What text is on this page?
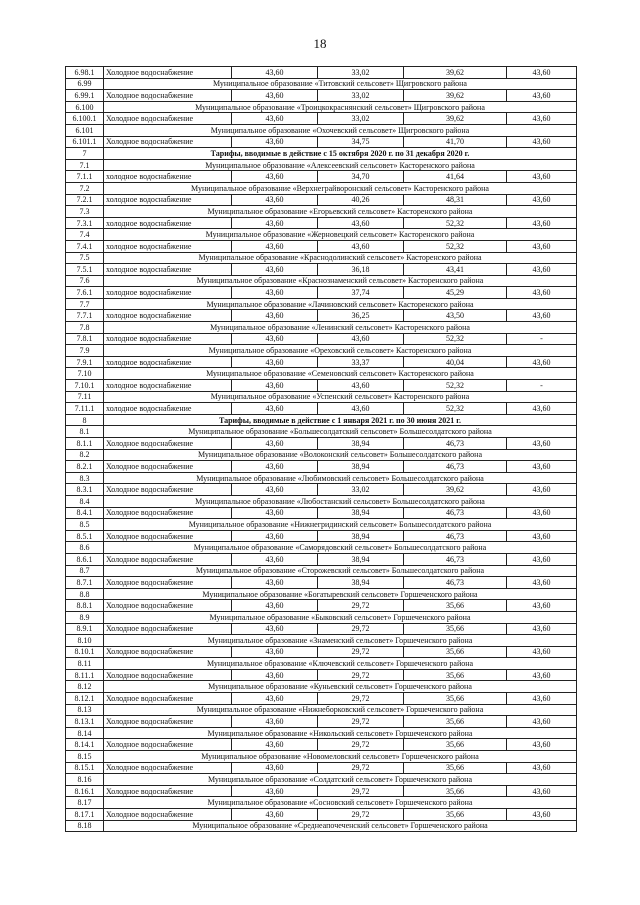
18
6.98.1	Холодное водоснабжение	43,60	33,02	39,62	43,60
6.99	Муниципальное образование «Титовский сельсовет» Щигровского района				
6.99.1	Холодное водоснабжение	43,60	33,02	39,62	43,60
6.100	Муниципальное образование «Троицкокраснянский сельсовет» Щигровского района				
6.100.1	Холодное водоснабжение	43,60	33,02	39,62	43,60
6.101	Муниципальное образование «Охочевский сельсовет» Щигровского района				
6.101.1	Холодное водоснабжение	43,60	34,75	41,70	43,60
7	Тарифы, вводимые в действие с 15 октября 2020 г. по 31 декабря 2020 г.				
7.1	Муниципальное образование «Алексеевский сельсовет» Касторенского района				
7.1.1	холодное водоснабжение	43,60	34,70	41,64	43,60
7.2	Муниципальное образование «Верхнеграйворонский сельсовет» Касторенского района				
7.2.1	холодное водоснабжение	43,60	40,26	48,31	43,60
7.3	Муниципальное образование «Егорьевский сельсовет» Касторенского района				
7.3.1	холодное водоснабжение	43,60	43,60	52,32	43,60
7.4	Муниципальное образование «Жерновецкий сельсовет» Касторенского района				
7.4.1	холодное водоснабжение	43,60	43,60	52,32	43,60
7.5	Муниципальное образование «Краснодолинский сельсовет» Касторенского района				
7.5.1	холодное водоснабжение	43,60	36,18	43,41	43,60
7.6	Муниципальное образование «Краснознаменский сельсовет» Касторенского района				
7.6.1	холодное водоснабжение	43,60	37,74	45,29	43,60
7.7	Муниципальное образование «Лачиновский сельсовет» Касторенского района				
7.7.1	холодное водоснабжение	43,60	36,25	43,50	43,60
7.8	Муниципальное образование «Ленинский сельсовет» Касторенского района				
7.8.1	холодное водоснабжение	43,60	43,60	52,32	-
7.9	Муниципальное образование «Ореховский сельсовет» Касторенского района				
7.9.1	холодное водоснабжение	43,60	33,37	40,04	43,60
7.10	Муниципальное образование «Семеновский сельсовет» Касторенского района				
7.10.1	холодное водоснабжение	43,60	43,60	52,32	-
7.11	Муниципальное образование «Успенский сельсовет» Касторенского района				
7.11.1	холодное водоснабжение	43,60	43,60	52,32	43,60
8	Тарифы, вводимые в действие с 1 января 2021 г. по 30 июня 2021 г.				
8.1	Муниципальное образование «Большесолдатский сельсовет» Большесолдатского района				
8.1.1	Холодное водоснабжение	43,60	38,94	46,73	43,60
8.2	Муниципальное образование «Волоконский сельсовет» Большесолдатского района				
8.2.1	Холодное водоснабжение	43,60	38,94	46,73	43,60
8.3	Муниципальное образование «Любимовский сельсовет» Большесолдатского района				
8.3.1	Холодное водоснабжение	43,60	33,02	39,62	43,60
8.4	Муниципальное образование «Любостанский сельсовет» Большесолдатского района				
8.4.1	Холодное водоснабжение	43,60	38,94	46,73	43,60
8.5	Муниципальное образование «Нижнегридинский сельсовет» Большесолдатского района				
8.5.1	Холодное водоснабжение	43,60	38,94	46,73	43,60
8.6	Муниципальное образование «Саморядовский сельсовет» Большесолдатского района				
8.6.1	Холодное водоснабжение	43,60	38,94	46,73	43,60
8.7	Муниципальное образование «Сторожевский сельсовет» Большесолдатского района				
8.7.1	Холодное водоснабжение	43,60	38,94	46,73	43,60
8.8	Муниципальное образование «Богатыревский сельсовет» Горшеченского района				
8.8.1	Холодное водоснабжение	43,60	29,72	35,66	43,60
8.9	Муниципальное образование «Быковский сельсовет» Горшеченского района				
8.9.1	Холодное водоснабжение	43,60	29,72	35,66	43,60
8.10	Муниципальное образование «Знаменский сельсовет» Горшеченского района				
8.10.1	Холодное водоснабжение	43,60	29,72	35,66	43,60
8.11	Муниципальное образование «Ключевский сельсовет» Горшеченского района				
8.11.1	Холодное водоснабжение	43,60	29,72	35,66	43,60
8.12	Муниципальное образование «Куньевский сельсовет» Горшеченского района				
8.12.1	Холодное водоснабжение	43,60	29,72	35,66	43,60
8.13	Муниципальное образование «Нижнеборковский сельсовет» Горшеченского района				
8.13.1	Холодное водоснабжение	43,60	29,72	35,66	43,60
8.14	Муниципальное образование «Никольский сельсовет» Горшеченского района				
8.14.1	Холодное водоснабжение	43,60	29,72	35,66	43,60
8.15	Муниципальное образование «Новомеловский сельсовет» Горшеченского района				
8.15.1	Холодное водоснабжение	43,60	29,72	35,66	43,60
8.16	Муниципальное образование «Солдатский сельсовет» Горшеченского района				
8.16.1	Холодное водоснабжение	43,60	29,72	35,66	43,60
8.17	Муниципальное образование «Сосновский сельсовет» Горшеченского района				
8.17.1	Холодное водоснабжение	43,60	29,72	35,66	43,60
8.18	Муниципальное образование «Среднеапочеченский сельсовет» Горшеченского района				
